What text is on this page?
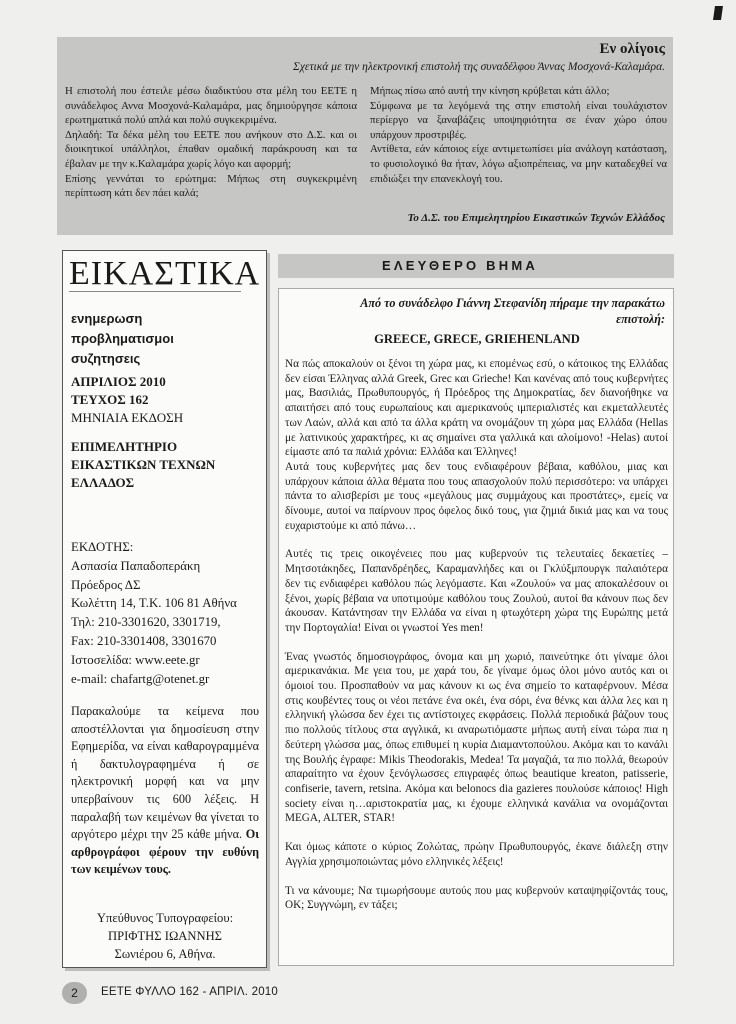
Εν ολίγοις
Σχετικά με την ηλεκτρονική επιστολή της συναδέλφου Άννας Μοσχονά-Καλαμάρα.

Η επιστολή που έστειλε μέσω διαδικτύου στα μέλη του ΕΕΤΕ η συνάδελφος Αννα Μοσχονά-Καλαμάρα, μας δημιούργησε κάποια ερωτηματικά πολύ απλά και πολύ συγκεκριμένα.

Δηλαδή: Τα δέκα μέλη του ΕΕΤΕ που ανήκουν στο Δ.Σ. και οι διοικητικοί υπάλληλοι, έπαθαν ομαδική παράκρουση και τα έβαλαν με την κ.Καλαμάρα χωρίς λόγο και αφορμή;

Επίσης γεννάται το ερώτημα: Μήπως στη συγκεκριμένη περίπτωση κάτι δεν πάει καλά;

Μήπως πίσω από αυτή την κίνηση κρύβεται κάτι άλλο;

Σύμφωνα με τα λεγόμενά της στην επιστολή είναι τουλάχιστον περίεργο να ξαναβάζεις υποψηφιότητα σε έναν χώρο όπου υπάρχουν προστριβές.

Αντίθετα, εάν κάποιος είχε αντιμετωπίσει μία ανάλογη κατάσταση, το φυσιολογικό θα ήταν, λόγω αξιοπρέπειας, να μην καταδεχθεί να επιδιώξει την επανεκλογή του.

Το Δ.Σ. του Επιμελητηρίου Εικαστικών Τεχνών Ελλάδος
ΕΙΚΑΣΤΙΚΑ
ενημερωση
προβληματισμοι
συζητησεις
ΑΠΡΙΛΙΟΣ 2010
ΤΕΥΧΟΣ 162
ΜΗΝΙΑΙΑ ΕΚΔΟΣΗ
ΕΠΙΜΕΛΗΤΗΡΙΟ
ΕΙΚΑΣΤΙΚΩΝ ΤΕΧΝΩΝ
ΕΛΛΑΔΟΣ
ΕΚΔΟΤΗΣ:
Ασπασία Παπαδοπεράκη
Πρόεδρος ΔΣ
Κωλέττη 14, Τ.Κ. 106 81 Αθήνα
Τηλ: 210-3301620, 3301719,
Fax: 210-3301408, 3301670
Ιστοσελίδα: www.eete.gr
e-mail: chafartg@otenet.gr
Παρακαλούμε τα κείμενα που αποστέλλονται για δημοσίευση στην Εφημερίδα, να είναι καθαρογραμμένα ή δακτυλογραφημένα ή σε ηλεκτρονική μορφή και να μην υπερβαίνουν τις 600 λέξεις. Η παραλαβή των κειμένων θα γίνεται το αργότερο μέχρι την 25 κάθε μήνα. Οι αρθρογράφοι φέρουν την ευθύνη των κειμένων τους.
Υπεύθυνος Τυπογραφείου:
ΠΡΙΦΤΗΣ ΙΩΑΝΝΗΣ
Σωνιέρου 6, Αθήνα.
ΕΛΕΥΘΕΡΟ ΒΗΜΑ
Από το συνάδελφο Γιάννη Στεφανίδη πήραμε την παρακάτω επιστολή:
GREECE, GRECE, GRIEHENLAND

Να πώς αποκαλούν οι ξένοι τη χώρα μας, κι επομένως εσύ, ο κάτοικος της Ελλάδας δεν είσαι Έλληνας αλλά Greek, Grec και Grieche! Και κανένας από τους κυβερνήτες μας, Βασιλιάς, Πρωθυπουργός, ή Πρόεδρος της Δημοκρατίας, δεν διανοήθηκε να απαιτήσει από τους ευρωπαίους και αμερικανούς ιμπεριαλιστές και εκμεταλλευτές των Λαών, αλλά και από τα άλλα κράτη να ονομάζουν τη χώρα μας Ελλάδα (Hellas με λατινικούς χαρακτήρες, κι ας σημαίνει στα γαλλικά και αλοίμονο! -Helas) αυτοί είμαστε από τα παλιά χρόνια: Ελλάδα και Έλληνες!

Αυτά τους κυβερνήτες μας δεν τους ενδιαφέρουν βέβαια, καθόλου, μιας και υπάρχουν κάποια άλλα θέματα που τους απασχολούν πολύ περισσότερο: να υπάρχει πάντα το αλισβερίσι με τους «μεγάλους μας συμμάχους και προστάτες», εμείς να δίνουμε, αυτοί να παίρνουν προς όφελος δικό τους, για ζημιά δικιά μας και να τους ευχαριστούμε κι από πάνω…

Αυτές τις τρεις οικογένειες που μας κυβερνούν τις τελευταίες δεκαετίες – Μητσοτάκηδες, Παπανδρέηδες, Καραμανλήδες και οι Γκλύξμπουργκ παλαιότερα δεν τις ενδιαφέρει καθόλου πώς λεγόμαστε. Και «Ζουλού» να μας αποκαλέσουν οι ξένοι, χωρίς βέβαια να υποτιμούμε καθόλου τους Ζουλού, αυτοί θα κάνουν πως δεν άκουσαν. Κατάντησαν την Ελλάδα να είναι η φτωχότερη χώρα της Ευρώπης μετά την Πορτογαλία! Είναι οι γνωστοί Yes men!

Ένας γνωστός δημοσιογράφος, όνομα και μη χωριό, παινεύτηκε ότι γίναμε όλοι αμερικανάκια. Με γεια του, με χαρά του, δε γίναμε όμως όλοι μόνο αυτός και οι όμοιοί του. Προσπαθούν να μας κάνουν κι ως ένα σημείο το καταφέρνουν. Μέσα στις κουβέντες τους οι νέοι πετάνε ένα οκέι, ένα σόρι, ένα θένκς και άλλα λες και η ελληνική γλώσσα δεν έχει τις αντίστοιχες εκφράσεις. Πολλά περιοδικά βάζουν τους πιο πολλούς τίτλους στα αγγλικά, κι αναρωτιόμαστε μήπως αυτή είναι τώρα πια η δεύτερη γλώσσα μας, όπως επιθυμεί η κυρία Διαμαντοπούλου. Ακόμα και το κανάλι της Βουλής έγραφε: Mikis Theodorakis, Medea! Τα μαγαζιά, τα πιο πολλά, θεωρούν απαραίτητο να έχουν ξενόγλωσσες επιγραφές όπως beautique kreaton, patisserie, confiserie, tavern, retsina. Ακόμα και belonocs dia gazieres πουλούσε κάποιος! High society είναι η…αριστοκρατία μας, κι έχουμε ελληνικά κανάλια να ονομάζονται MEGA, ALTER, STAR!

Και όμως κάποτε ο κύριος Ζολώτας, πρώην Πρωθυπουργός, έκανε διάλεξη στην Αγγλία χρησιμοποιώντας μόνο ελληνικές λέξεις!

Τι να κάνουμε; Να τιμωρήσουμε αυτούς που μας κυβερνούν καταψηφίζοντάς τους, OK; Συγγνώμη, εν τάξει;

2	ΕΕΤΕ ΦΥΛΛΟ 162 - ΑΠΡΙΛ. 2010
